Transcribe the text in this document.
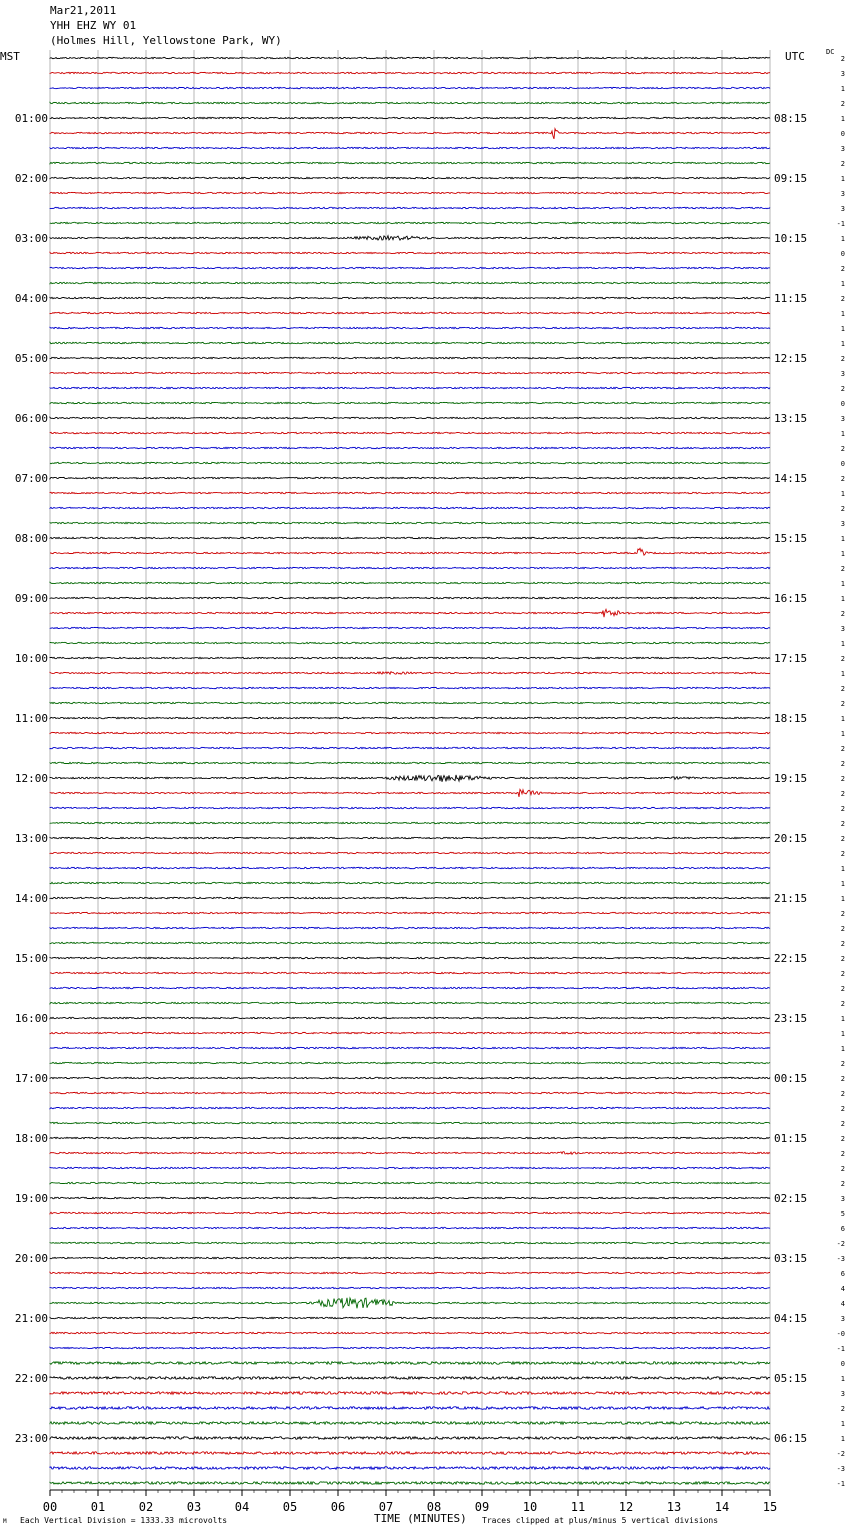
Mar21,2011
YHH EHZ WY 01
(Holmes Hill, Yellowstone Park, WY)
MST	UTC	DC
01:00
02:00
03:00
04:00
05:00
06:00
07:00
08:00
09:00
10:00
11:00
12:00
13:00
14:00
15:00
16:00
17:00
18:00
19:00
20:00
21:00
22:00
23:00
08:15
09:15
10:15
11:15
12:15
13:15
14:15
15:15
16:15
17:15
18:15
19:15
20:15
21:15
22:15
23:15
00:15
01:15
02:15
03:15
04:15
05:15
06:15
2
3
1
2
1
0
3
2
1
3
3
-1
1
0
2
1
2
1
1
1
2
3
2
0
3
1
2
0
2
1
2
3
1
1
2
1
1
2
3
1
2
1
2
2
1
1
2
2
2
2
2
2
2
2
1
1
1
2
2
2
2
2
2
2
1
1
1
2
2
2
2
2
2
2
2
2
3
5
6
-2
-3
6
4
4
3
-0
-1
0
1
3
2
1
1
-2
-3
-1
00	01	02	03	04	05	06	07	08	09	10	11	12	13	14	15
M Each Vertical Division = 1333.33 microvolts	TIME (MINUTES) Traces clipped at plus/minus 5 vertical divisions
